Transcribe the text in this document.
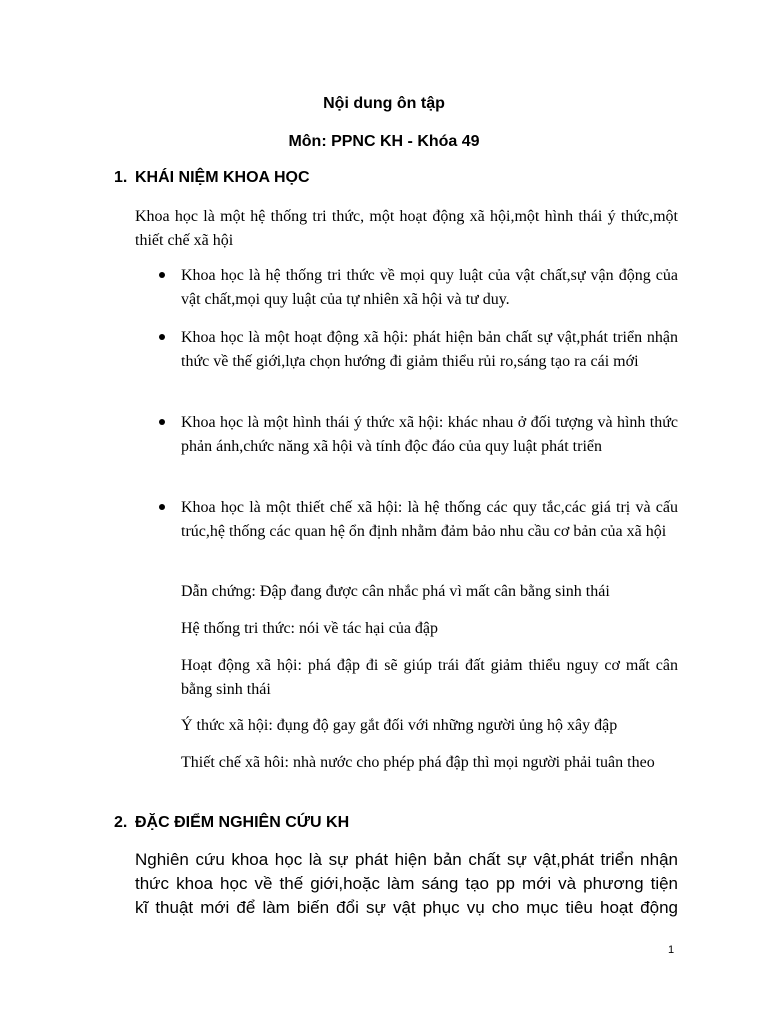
Nội dung ôn tập
Môn: PPNC KH - Khóa 49
1. KHÁI NIỆM KHOA HỌC
Khoa học là một hệ thống tri thức, một hoạt động xã hội,một hình thái ý thức,một thiết chế xã hội
Khoa học là hệ thống tri thức về mọi quy luật của vật chất,sự vận động của vật chất,mọi quy luật của tự nhiên xã hội và tư duy.
Khoa học là một hoạt động xã hội: phát hiện bản chất sự vật,phát triển nhận thức về thế giới,lựa chọn hướng đi giảm thiểu rủi ro,sáng tạo ra cái mới
Khoa học là một hình thái ý thức xã hội: khác nhau ở đối tượng và hình thức phản ánh,chức năng xã hội và tính độc đáo của quy luật phát triển
Khoa học là một thiết chế xã hội: là hệ thống các quy tắc,các giá trị và cấu trúc,hệ thống các quan hệ ổn định nhằm đảm bảo nhu cầu cơ bản của xã hội
Dẫn chứng: Đập đang được cân nhắc phá vì mất cân bằng sinh thái
Hệ thống tri thức: nói về tác hại của đập
Hoạt động xã hội: phá đập đi sẽ giúp trái đất giảm thiểu nguy cơ mất cân bằng sinh thái
Ý thức xã hội: đụng độ gay gắt đối với những người ủng hộ xây đập
Thiết chế xã hôi: nhà nước cho phép phá đập thì mọi người phải tuân theo
2. ĐẶC ĐIỂM NGHIÊN CỨU KH
Nghiên cứu khoa học là sự phát hiện bản chất sự vật,phát triển nhận
thức khoa học về thế giới,hoặc làm sáng tạo pp mới và phương tiện
kĩ thuật mới để làm biến đổi sự vật phục vụ cho mục tiêu hoạt động
1
